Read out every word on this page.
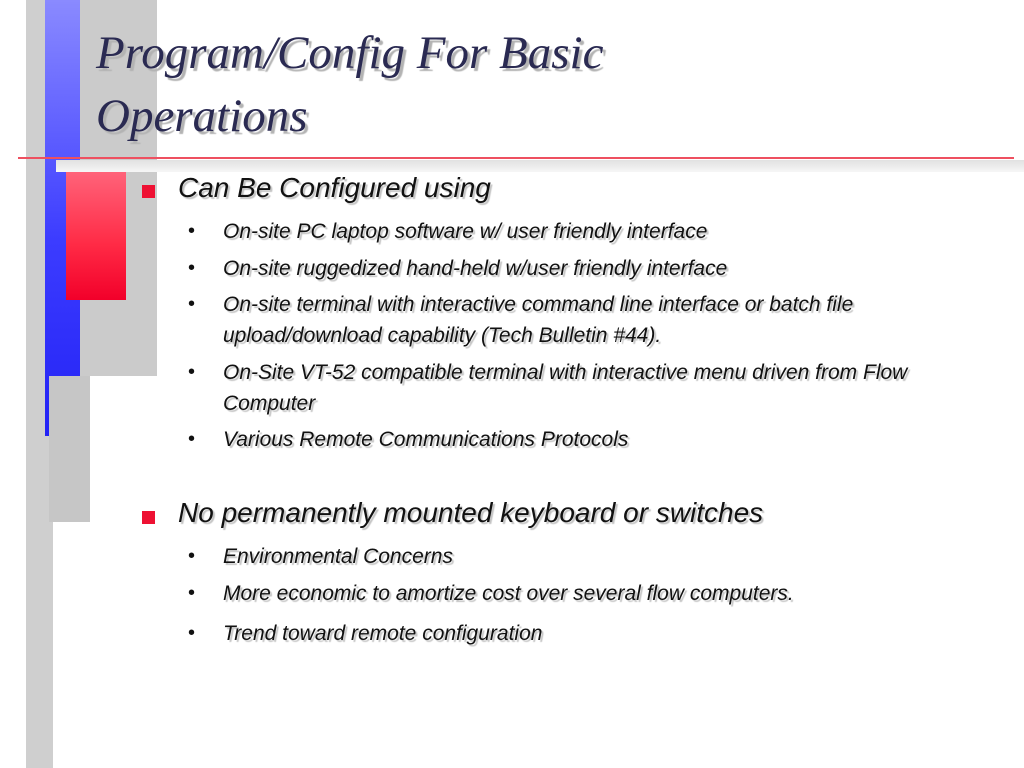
Program/Config For Basic
Operations
Can Be Configured using
• On-site PC laptop software w/ user friendly interface
• On-site ruggedized hand-held w/user friendly interface
• On-site terminal with interactive command line interface or batch file upload/download capability (Tech Bulletin #44).
• On-Site VT-52 compatible terminal with interactive menu driven from Flow Computer
• Various Remote Communications Protocols
No permanently mounted keyboard or switches
• Environmental Concerns
• More economic to amortize cost over several flow computers.
• Trend toward remote configuration
